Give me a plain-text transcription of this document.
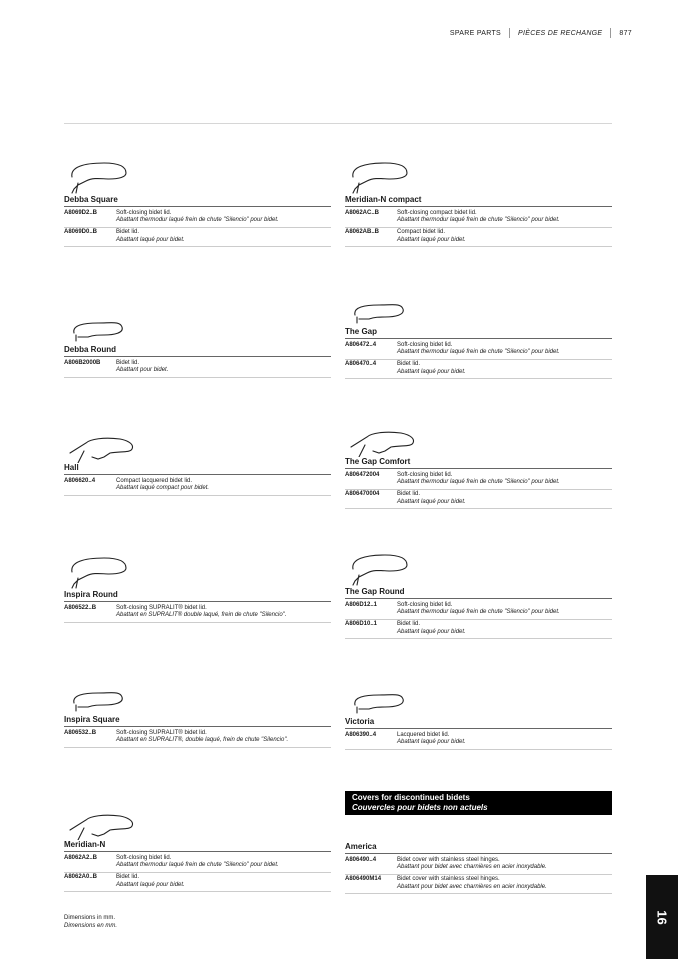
SPARE PARTS PIÈCES DE RECHANGE 877
Debba Square
A8069D2..B	Soft-closing bidet lid.
Abattant thermodur laqué frein de chute "Silencio" pour bidet.
A8069D0..B	Bidet lid.
Abattant laqué pour bidet.
Debba Round
A806B2000B	Bidet lid.
Abattant pour bidet.
Hall
A806620..4	Compact lacquered bidet lid.
Abattant laqué compact pour bidet.
Inspira Round
A806522..B	Soft-closing SUPRALIT® bidet lid.
Abattant en SUPRALIT® double laqué, frein de chute "Silencio".
Inspira Square
A806532..B	Soft-closing SUPRALIT® bidet lid.
Abattant en SUPRALIT®, double laqué, frein de chute "Silencio".
Meridian-N
A8062A2..B	Soft-closing bidet lid.
Abattant thermodur laqué frein de chute "Silencio" pour bidet.
A8062A0..B	Bidet lid.
Abattant laqué pour bidet.
Meridian-N compact
A8062AC..B	Soft-closing compact bidet lid.
Abattant thermodur laqué frein de chute "Silencio" pour bidet.
A8062AB..B	Compact bidet lid.
Abattant laqué pour bidet.
The Gap
A806472..4	Soft-closing bidet lid.
Abattant thermodur laqué frein de chute "Silencio" pour bidet.
A806470..4	Bidet lid.
Abattant laqué pour bidet.
The Gap Comfort
A806472004	Soft-closing bidet lid.
Abattant thermodur laqué frein de chute "Silencio" pour bidet.
A806470004	Bidet lid.
Abattant laqué pour bidet.
The Gap Round
A806D12..1	Soft-closing bidet lid.
Abattant thermodur laqué frein de chute "Silencio" pour bidet.
A806D10..1	Bidet lid.
Abattant laqué pour bidet.
Victoria
A806390..4	Lacquered bidet lid.
Abattant laqué pour bidet.
America
A806490..4	Bidet cover with stainless steel hinges.
Abattant pour bidet avec charnières en acier inoxydable.
A806490M14	Bidet cover with stainless steel hinges.
Abattant pour bidet avec charnières en acier inoxydable.
Covers for discontinued bidets
Couvercles pour bidets non actuels
Dimensions in mm.
Dimensions en mm.
16
